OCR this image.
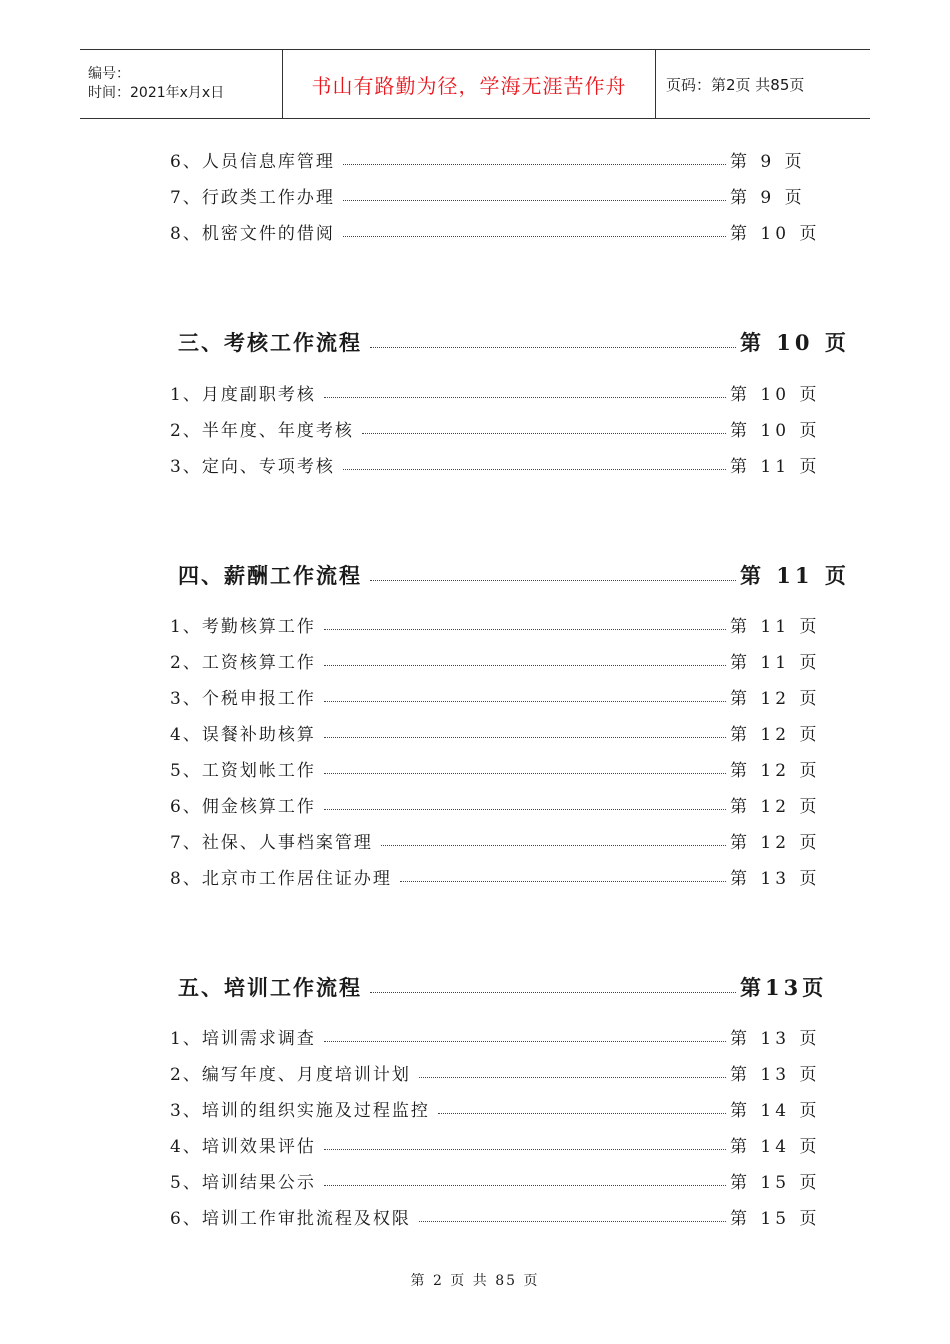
编号：
时间：2021年x月x日	书山有路勤为径，学海无涯苦作舟	页码：第2页 共85页
6、人员信息库管理	第 9 页
7、行政类工作办理	第 9 页
8、机密文件的借阅	第 10 页
三、考核工作流程	第 10 页
1、月度副职考核	第 10 页
2、半年度、年度考核	第 10 页
3、定向、专项考核	第 11 页
四、薪酬工作流程	第 11 页
1、考勤核算工作	第 11 页
2、工资核算工作	第 11 页
3、个税申报工作	第 12 页
4、误餐补助核算	第 12 页
5、工资划帐工作	第 12 页
6、佣金核算工作	第 12 页
7、社保、人事档案管理	第 12 页
8、北京市工作居住证办理	第 13 页
五、培训工作流程	第13页
1、培训需求调查	第 13 页
2、编写年度、月度培训计划	第 13 页
3、培训的组织实施及过程监控	第 14 页
4、培训效果评估	第 14 页
5、培训结果公示	第 15 页
6、培训工作审批流程及权限	第 15 页
第 2 页 共 85 页
